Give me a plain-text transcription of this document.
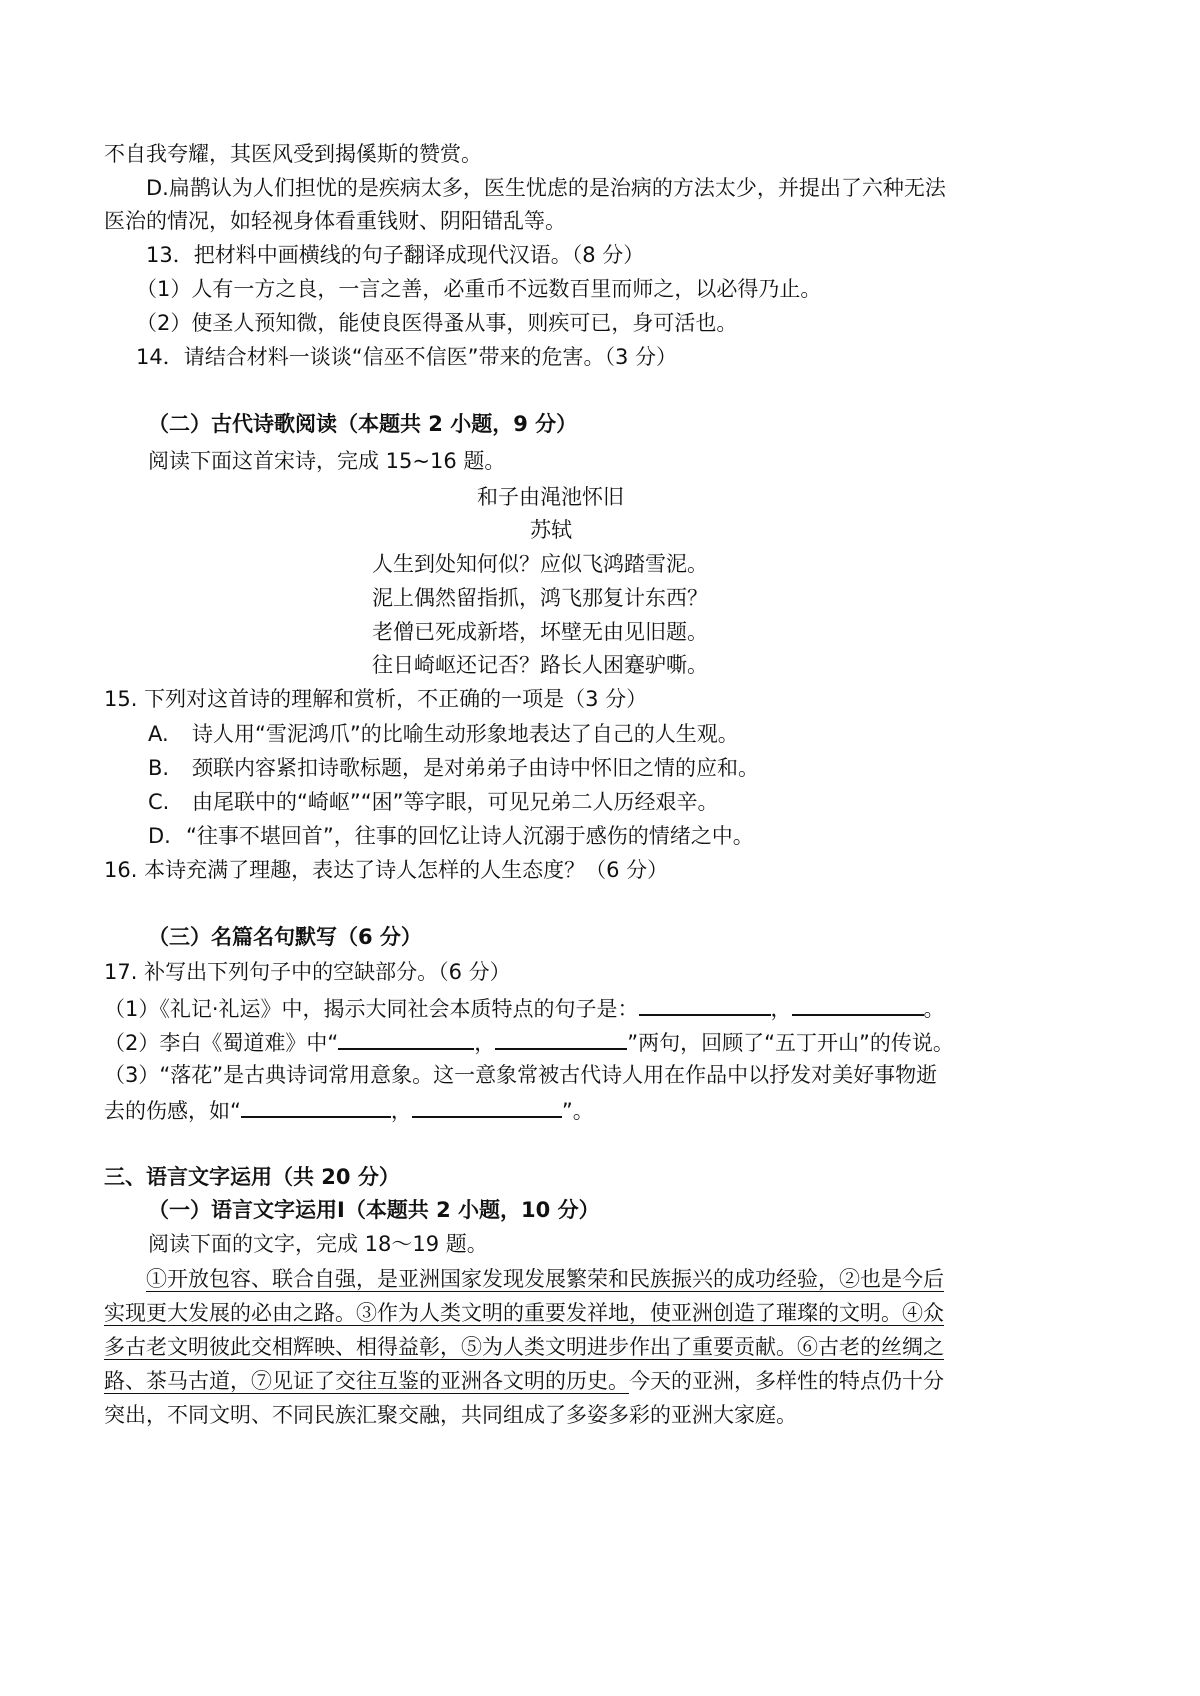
不自我夸耀，其医风受到揭傒斯的赞赏。
D.扁鹊认为人们担忧的是疾病太多，医生忧虑的是治病的方法太少，并提出了六种无法
医治的情况，如轻视身体看重钱财、阴阳错乱等。
13．把材料中画横线的句子翻译成现代汉语。（8 分）
（1）人有一方之良，一言之善，必重币不远数百里而师之，以必得乃止。
（2）使圣人预知微，能使良医得蚤从事，则疾可已，身可活也。
14．请结合材料一谈谈“信巫不信医”带来的危害。（3 分）
（二）古代诗歌阅读（本题共 2 小题，9 分）
阅读下面这首宋诗，完成 15~16 题。
和子由渑池怀旧
苏轼
人生到处知何似？应似飞鸿踏雪泥。
泥上偶然留指抓，鸿飞那复计东西？
老僧已死成新塔，坏壁无由见旧题。
往日崎岖还记否？路长人困蹇驴嘶。
15. 下列对这首诗的理解和赏析，不正确的一项是（3 分）
A. 诗人用“雪泥鸿爪”的比喻生动形象地表达了自己的人生观。
B. 颈联内容紧扣诗歌标题，是对弟弟子由诗中怀旧之情的应和。
C. 由尾联中的“崎岖”“困”等字眼，可见兄弟二人历经艰辛。
D. “往事不堪回首”，往事的回忆让诗人沉溺于感伤的情绪之中。
16. 本诗充满了理趣，表达了诗人怎样的人生态度？（6 分）
（三）名篇名句默写（6 分）
17. 补写出下列句子中的空缺部分。（6 分）
（1）《礼记·礼运》中，揭示大同社会本质特点的句子是：	，	。
（2）李白《蜀道难》中“	，	”两句，回顾了“五丁开山”的传说。
（3）“落花”是古典诗词常用意象。这一意象常被古代诗人用在作品中以抒发对美好事物逝
去的伤感，如“	，	”。
三、语言文字运用（共 20 分）
（一）语言文字运用Ⅰ（本题共 2 小题，10 分）
阅读下面的文字，完成 18～19 题。
①开放包容、联合自强，是亚洲国家发现发展繁荣和民族振兴的成功经验，②也是今后
实现更大发展的必由之路。③作为人类文明的重要发祥地，使亚洲创造了璀璨的文明。④众
多古老文明彼此交相辉映、相得益彰，⑤为人类文明进步作出了重要贡献。⑥古老的丝绸之
路、茶马古道，⑦见证了交往互鉴的亚洲各文明的历史。今天的亚洲，多样性的特点仍十分
突出，不同文明、不同民族汇聚交融，共同组成了多姿多彩的亚洲大家庭。
